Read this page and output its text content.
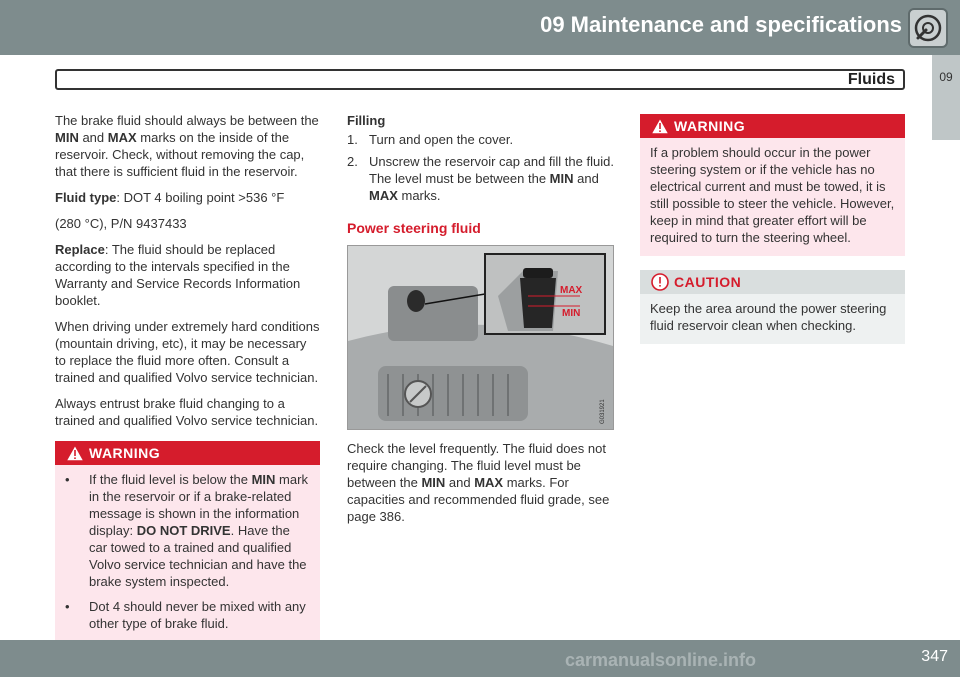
09 Maintenance and specifications
09
Fluids

The brake fluid should always be between the MIN and MAX marks on the inside of the reservoir. Check, without removing the cap, that there is sufficient fluid in the reservoir.

Fluid type: DOT 4 boiling point >536 °F

(280 °C), P/N 9437433

Replace: The fluid should be replaced according to the intervals specified in the Warranty and Service Records Information booklet.

When driving under extremely hard conditions (mountain driving, etc), it may be necessary to replace the fluid more often. Consult a trained and qualified Volvo service technician.

Always entrust brake fluid changing to a trained and qualified Volvo service technician.

WARNING
•	If the fluid level is below the MIN mark in the reservoir or if a brake-related message is shown in the information display: DO NOT DRIVE. Have the car towed to a trained and qualified Volvo service technician and have the brake system inspected.
•	Dot 4 should never be mixed with any other type of brake fluid.
Filling
1. Turn and open the cover.
2. Unscrew the reservoir cap and fill the fluid. The level must be between the MIN and MAX marks.
Power steering fluid
MAX
MIN
G031921

Check the level frequently. The fluid does not require changing. The fluid level must be between the MIN and MAX marks. For capacities and recommended fluid grade, see page 386.

WARNING
If a problem should occur in the power steering system or if the vehicle has no electrical current and must be towed, it is still possible to steer the vehicle. However, keep in mind that greater effort will be required to turn the steering wheel.
CAUTION
Keep the area around the power steering fluid reservoir clean when checking.
347
carmanualsonline.info
